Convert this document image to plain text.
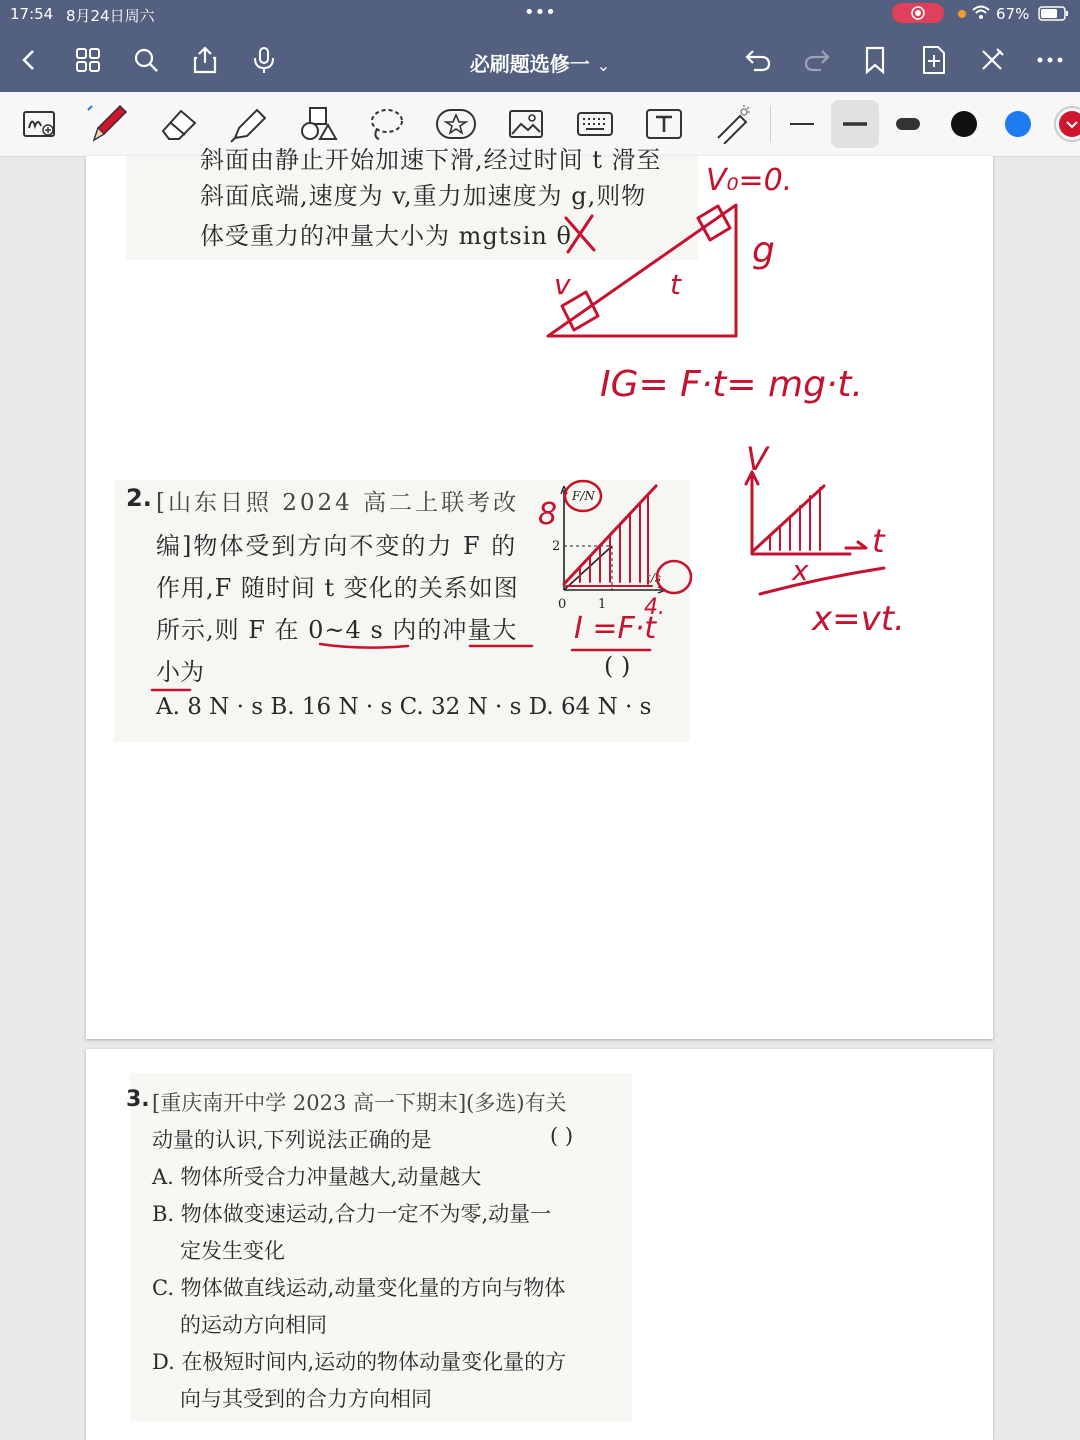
17:54 8月24日周六	•••	67%
必刷题选修一 ⌄
斜面由静止开始加速下滑,经过时间 t 滑至
斜面底端,速度为 v,重力加速度为 g,则物
体受重力的冲量大小为 mgtsin θ
2. [山东日照 2024 高二上联考改
编]物体受到方向不变的力 F 的
作用,F 随时间 t 变化的关系如图
所示,则 F 在 0~4 s 内的冲量大
小为	( )
A. 8 N · s B. 16 N · s C. 32 N · s D. 64 N · s
F/N
t/s
2
0 1
3. [重庆南开中学 2023 高一下期末](多选)有关
动量的认识,下列说法正确的是	( )
A. 物体所受合力冲量越大,动量越大
B. 物体做变速运动,合力一定不为零,动量一
定发生变化
C. 物体做直线运动,动量变化量的方向与物体
的运动方向相同
D. 在极短时间内,运动的物体动量变化量的方
向与其受到的合力方向相同
V₀=0.
g
v	t
IG= F·t= mg·t.
8
4.
I =F·t
V
t
x
x=vt.
